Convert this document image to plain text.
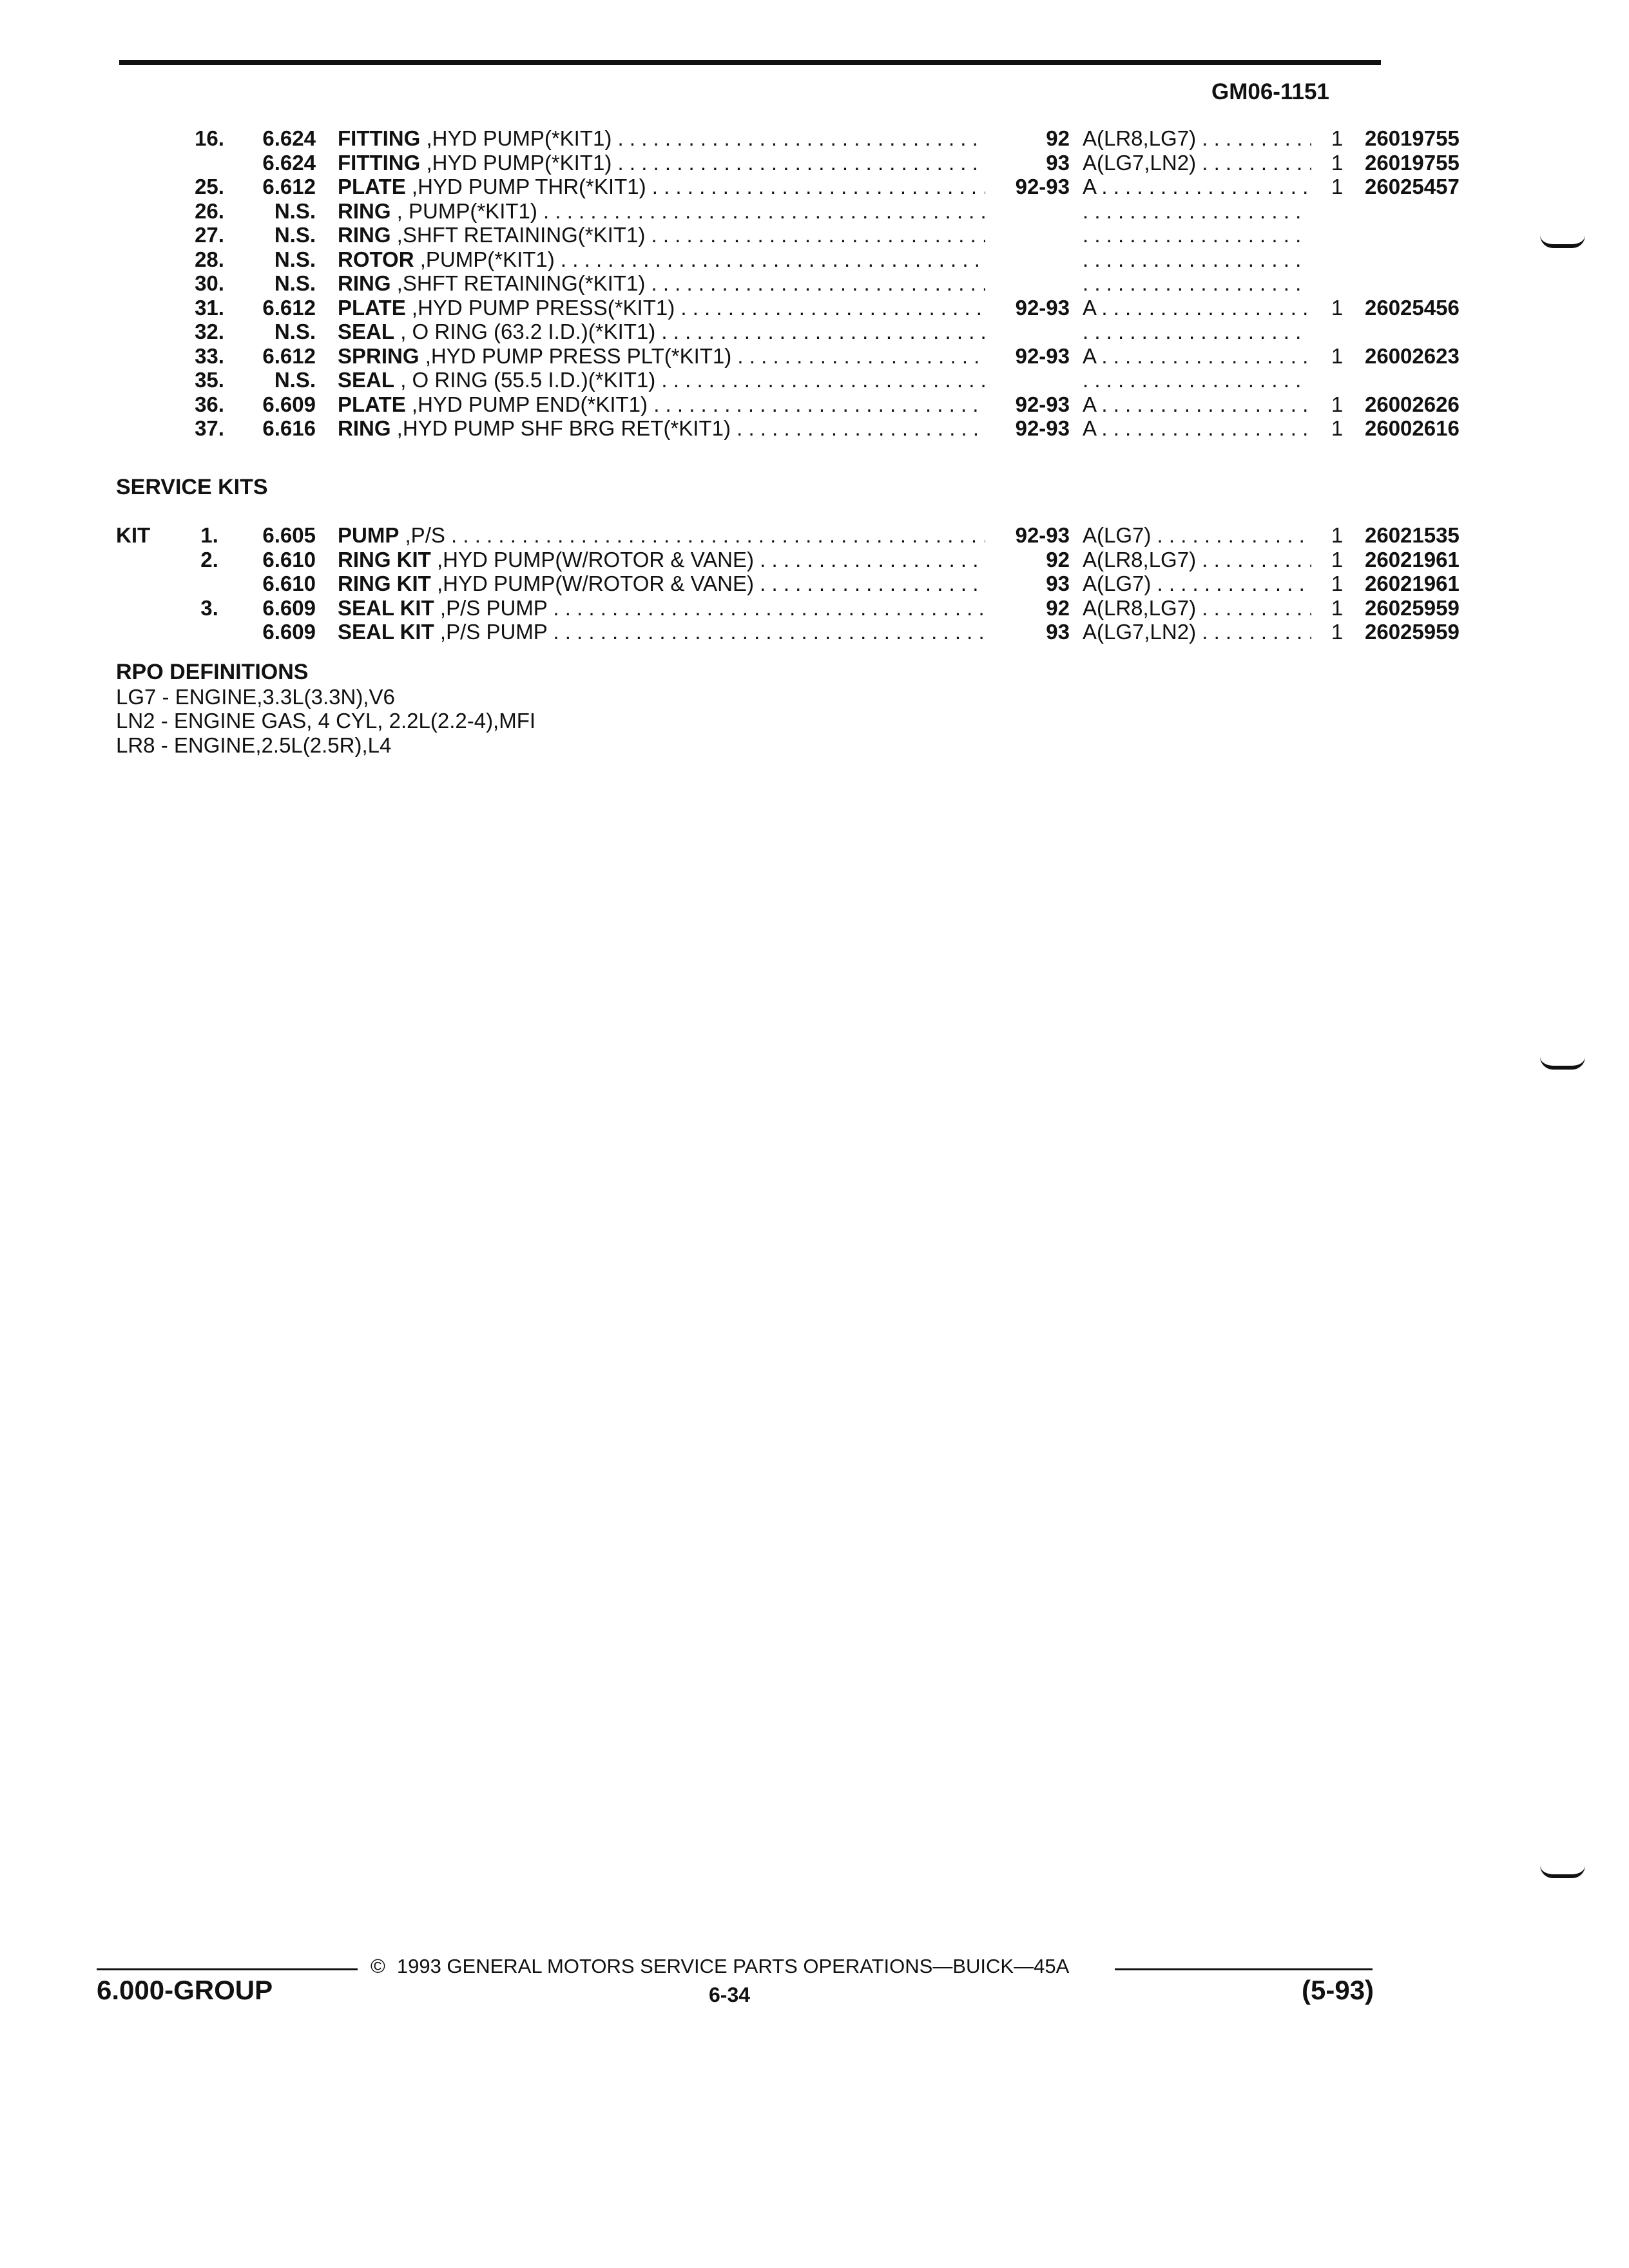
GM06-1151
16.	6.624 FITTING ,HYD PUMP(*KIT1) . . .	92 A(LR8,LG7) . . .	1 26019755
6.624 FITTING ,HYD PUMP(*KIT1) . . .	93 A(LG7,LN2) . . .	1 26019755
25.	6.612 PLATE ,HYD PUMP THR(*KIT1) . . .	92-93 A . . .	1 26025457
26.	N.S. RING , PUMP(*KIT1) . . .
. . .
27.	N.S. RING ,SHFT RETAINING(*KIT1) . . .
. . .
28.	N.S. ROTOR ,PUMP(*KIT1) . . .
. . .
30.	N.S. RING ,SHFT RETAINING(*KIT1) . . .
. . .
31.	6.612 PLATE ,HYD PUMP PRESS(*KIT1) . . .	92-93 A . . .	1 26025456
32.	N.S. SEAL , O RING (63.2 I.D.)(*KIT1) . . .
. . .
33.	6.612 SPRING ,HYD PUMP PRESS PLT(*KIT1) . . .	92-93 A . . .	1 26002623
35.	N.S. SEAL , O RING (55.5 I.D.)(*KIT1) . . .
. . .
36.	6.609 PLATE ,HYD PUMP END(*KIT1) . . .	92-93 A . . .	1 26002626
37.	6.616 RING ,HYD PUMP SHF BRG RET(*KIT1) . . .	92-93 A . . .	1 26002616
SERVICE KITS
KIT	1.	6.605 PUMP ,P/S . . .	92-93 A(LG7) . . .	1 26021535
2.	6.610 RING KIT ,HYD PUMP(W/ROTOR & VANE) . . .	92 A(LR8,LG7) . . .	1 26021961
6.610 RING KIT ,HYD PUMP(W/ROTOR & VANE) . . .	93 A(LG7) . . .	1 26021961
3.	6.609 SEAL KIT ,P/S PUMP . . .	92 A(LR8,LG7) . . .	1 26025959
6.609 SEAL KIT ,P/S PUMP . . .	93 A(LG7,LN2) . . .	1 26025959
RPO DEFINITIONS
LG7 - ENGINE,3.3L(3.3N),V6
LN2 - ENGINE GAS, 4 CYL, 2.2L(2.2-4),MFI
LR8 - ENGINE,2.5L(2.5R),L4
6.000-GROUP
© 1993 GENERAL MOTORS SERVICE PARTS OPERATIONS—BUICK—45A
6-34	(5-93)
